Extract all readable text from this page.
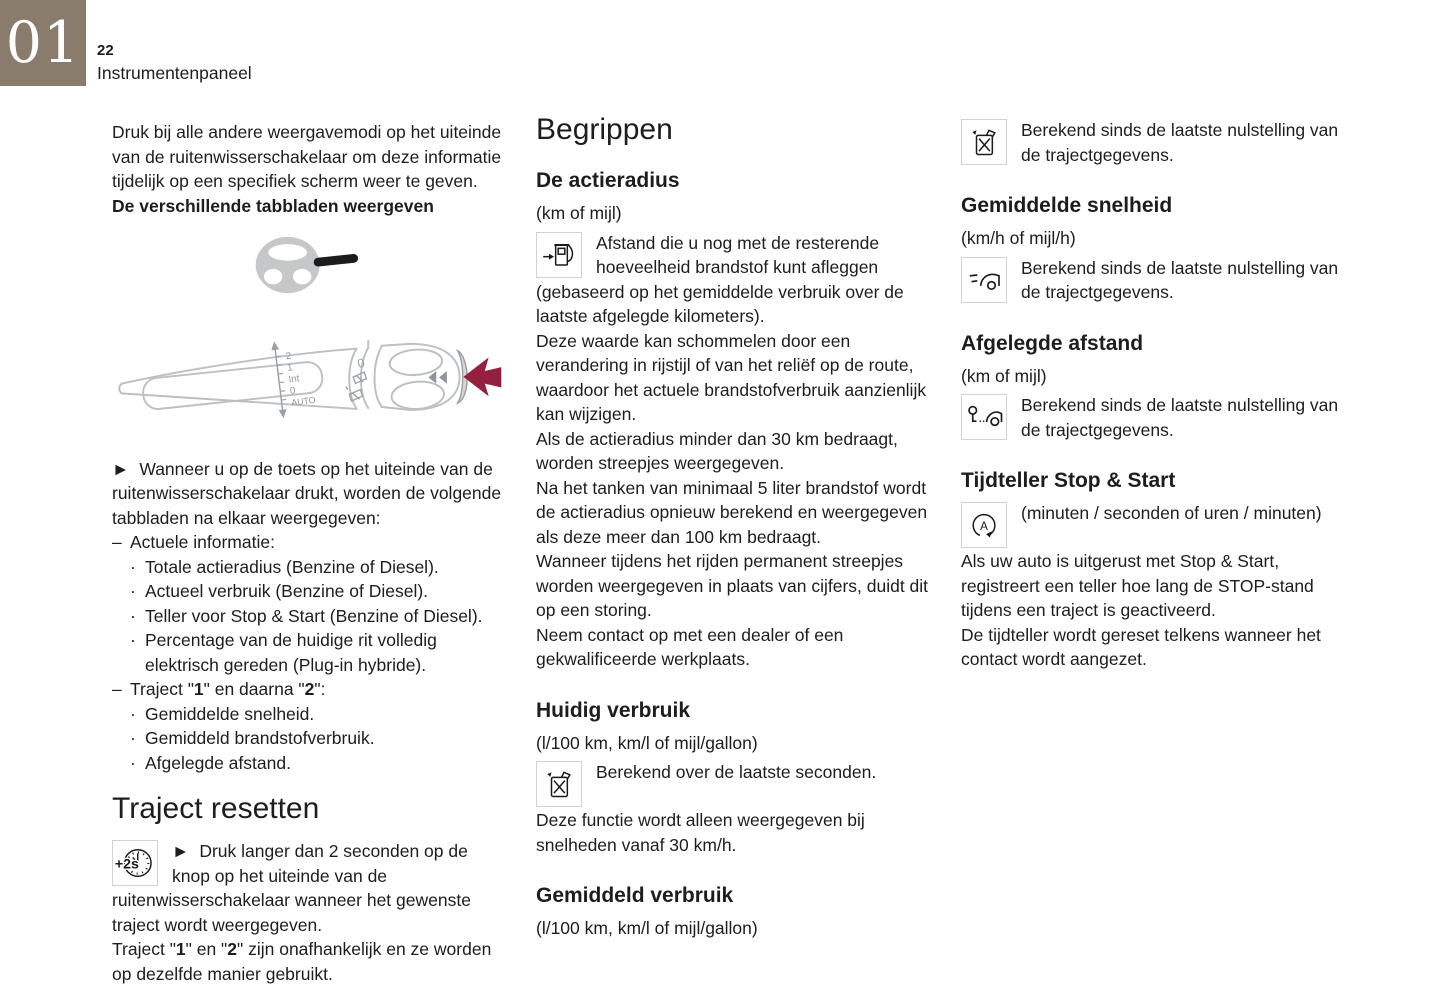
01 22
Instrumentenpaneel

Druk bij alle andere weergavemodi op het uiteinde van de ruitenwisserschakelaar om deze informatie tijdelijk op een specifiek scherm weer te geven.

De verschillende tabbladen weergeven

2
1
Int
0
AUTO
0

► Wanneer u op de toets op het uiteinde van de ruitenwisserschakelaar drukt, worden de volgende tabbladen na elkaar weergegeven:

– Actuele informatie:
· Totale actieradius (Benzine of Diesel).
· Actueel verbruik (Benzine of Diesel).
· Teller voor Stop & Start (Benzine of Diesel).
· Percentage van de huidige rit volledig elektrisch gereden (Plug-in hybride).
– Traject "1" en daarna "2":
· Gemiddelde snelheid.
· Gemiddeld brandstofverbruik.
· Afgelegde afstand.
Traject resetten
+2s

► Druk langer dan 2 seconden op de knop op het uiteinde van de ruitenwisserschakelaar wanneer het gewenste traject wordt weergegeven.

Traject "1" en "2" zijn onafhankelijk en ze worden op dezelfde manier gebruikt.

Begrippen
De actieradius

(km of mijl)

Afstand die u nog met de resterende hoeveelheid brandstof kunt afleggen (gebaseerd op het gemiddelde verbruik over de laatste afgelegde kilometers).

Deze waarde kan schommelen door een verandering in rijstijl of van het reliëf op de route, waardoor het actuele brandstofverbruik aanzienlijk kan wijzigen.

Als de actieradius minder dan 30 km bedraagt, worden streepjes weergegeven.

Na het tanken van minimaal 5 liter brandstof wordt de actieradius opnieuw berekend en weergegeven als deze meer dan 100 km bedraagt.

Wanneer tijdens het rijden permanent streepjes worden weergegeven in plaats van cijfers, duidt dit op een storing.

Neem contact op met een dealer of een gekwalificeerde werkplaats.

Huidig verbruik

(l/100 km, km/l of mijl/gallon)

Berekend over de laatste seconden.

Deze functie wordt alleen weergegeven bij snelheden vanaf 30 km/h.

Gemiddeld verbruik

(l/100 km, km/l of mijl/gallon)

Berekend sinds de laatste nulstelling van de trajectgegevens.

Gemiddelde snelheid

(km/h of mijl/h)

Berekend sinds de laatste nulstelling van de trajectgegevens.

Afgelegde afstand

(km of mijl)

Berekend sinds de laatste nulstelling van de trajectgegevens.

Tijdteller Stop & Start
A

(minuten / seconden of uren / minuten)

Als uw auto is uitgerust met Stop & Start, registreert een teller hoe lang de STOP-stand tijdens een traject is geactiveerd.

De tijdteller wordt gereset telkens wanneer het contact wordt aangezet.
